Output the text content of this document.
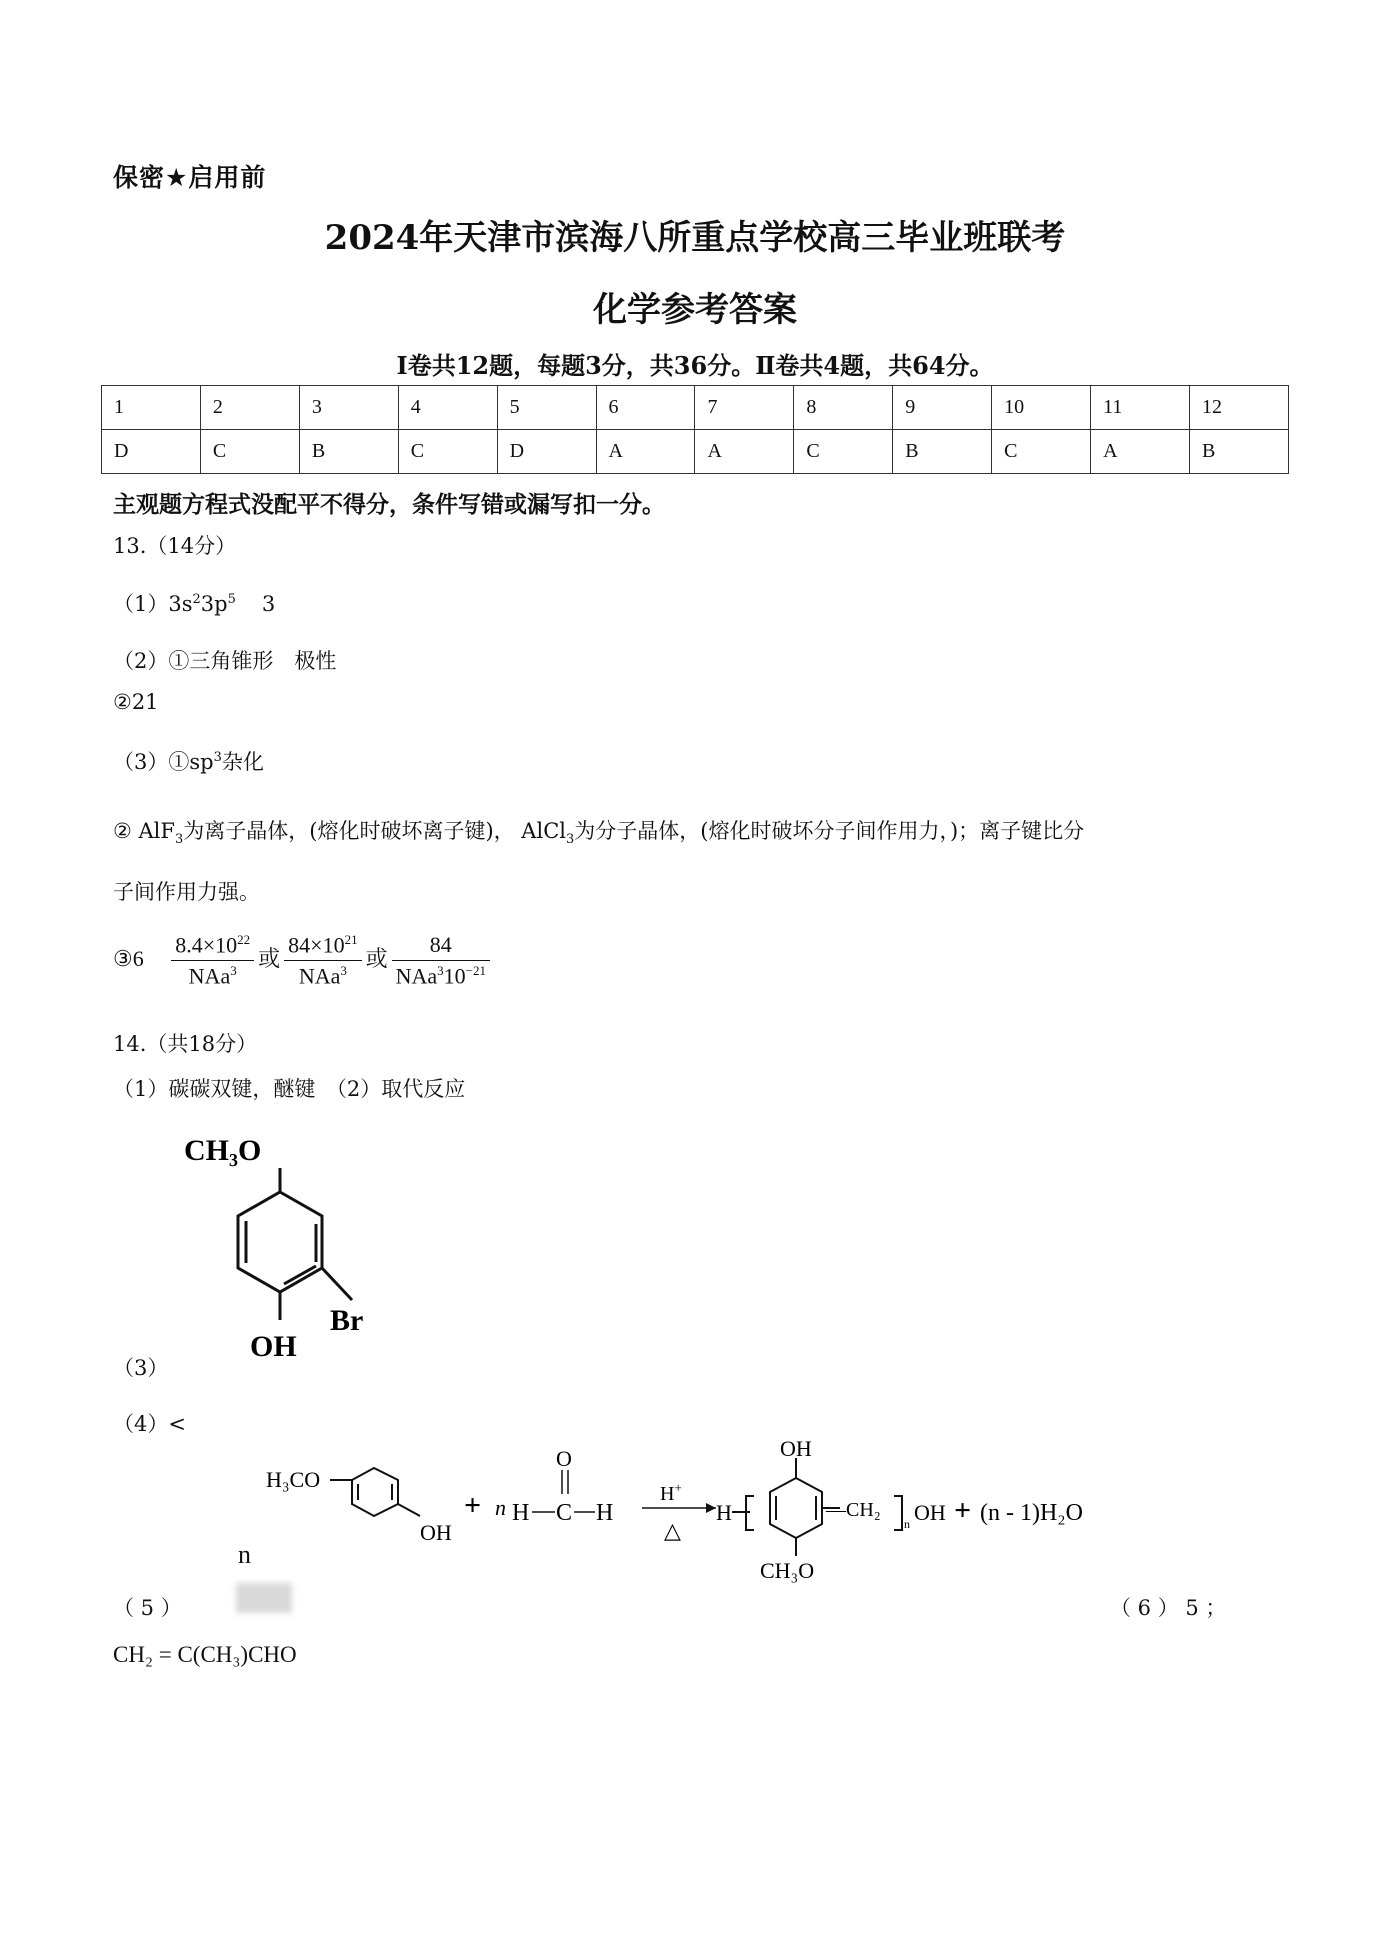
保密★启用前
2024年天津市滨海八所重点学校高三毕业班联考
化学参考答案
Ⅰ卷共12题，每题3分，共36分。Ⅱ卷共4题，共64分。
1	2	3	4	5	6	7	8	9	10	11	12
D	C	B	C	D	A	A	C	B	C	A	B
主观题方程式没配平不得分，条件写错或漏写扣一分。
13.（14分）
$(1)3s^23p^5$ 3
（2）①三角锥形　极性
②21
$(3)①sp^3$杂化
② AlF$_3$为离子晶体，(熔化时破坏离子键)， AlCl$_3$为分子晶体，(熔化时破坏分子间作用力，)；离子键比分
子间作用力强。
③6 $\frac{8.4\times 10^{22}}{NAa^3}$ 或 $\frac{84\times 10^{21}}{NAa^3}$ 或 $\frac{84}{NAa^310^{-21}}$
14.（共18分）
（1）碳碳双键，醚键　（2）取代反应
CH₃O
Br
OH
（3）
（4）<
H₃CO
OH
+ n H C H
O
H+
△
H
OH
—CH₂
n OH
CH₃O
+ (n - 1)H₂O
n
（ 5 ）	（ 6 ） 5 ；
CH₂ = C(CH₃)CHO
